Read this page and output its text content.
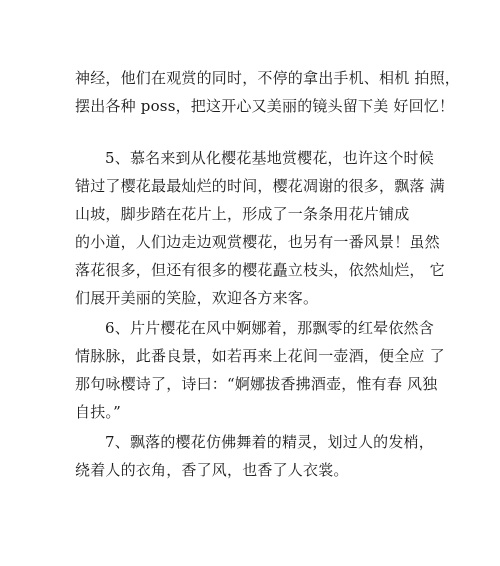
神经，他们在观赏的同时，不停的拿出手机、相机 拍照，
摆出各种 poss，把这开心又美丽的镜头留下美 好回忆！
5、慕名来到从化樱花基地赏樱花，也许这个时候
错过了樱花最最灿烂的时间，樱花凋谢的很多，飘落 满
山坡，脚步踏在花片上，形成了一条条用花片铺成
的小道，人们边走边观赏樱花，也另有一番风景！虽然
落花很多，但还有很多的樱花矗立枝头，依然灿烂， 它
们展开美丽的笑脸，欢迎各方来客。
6、片片樱花在风中婀娜着，那飘零的红晕依然含
情脉脉，此番良景，如若再来上花间一壶酒，便全应 了
那句咏樱诗了，诗曰：“婀娜拔香拂酒壶，惟有春 风独
自扶。”
7、飘落的樱花仿佛舞着的精灵，划过人的发梢，
绕着人的衣角，香了风，也香了人衣裳。
